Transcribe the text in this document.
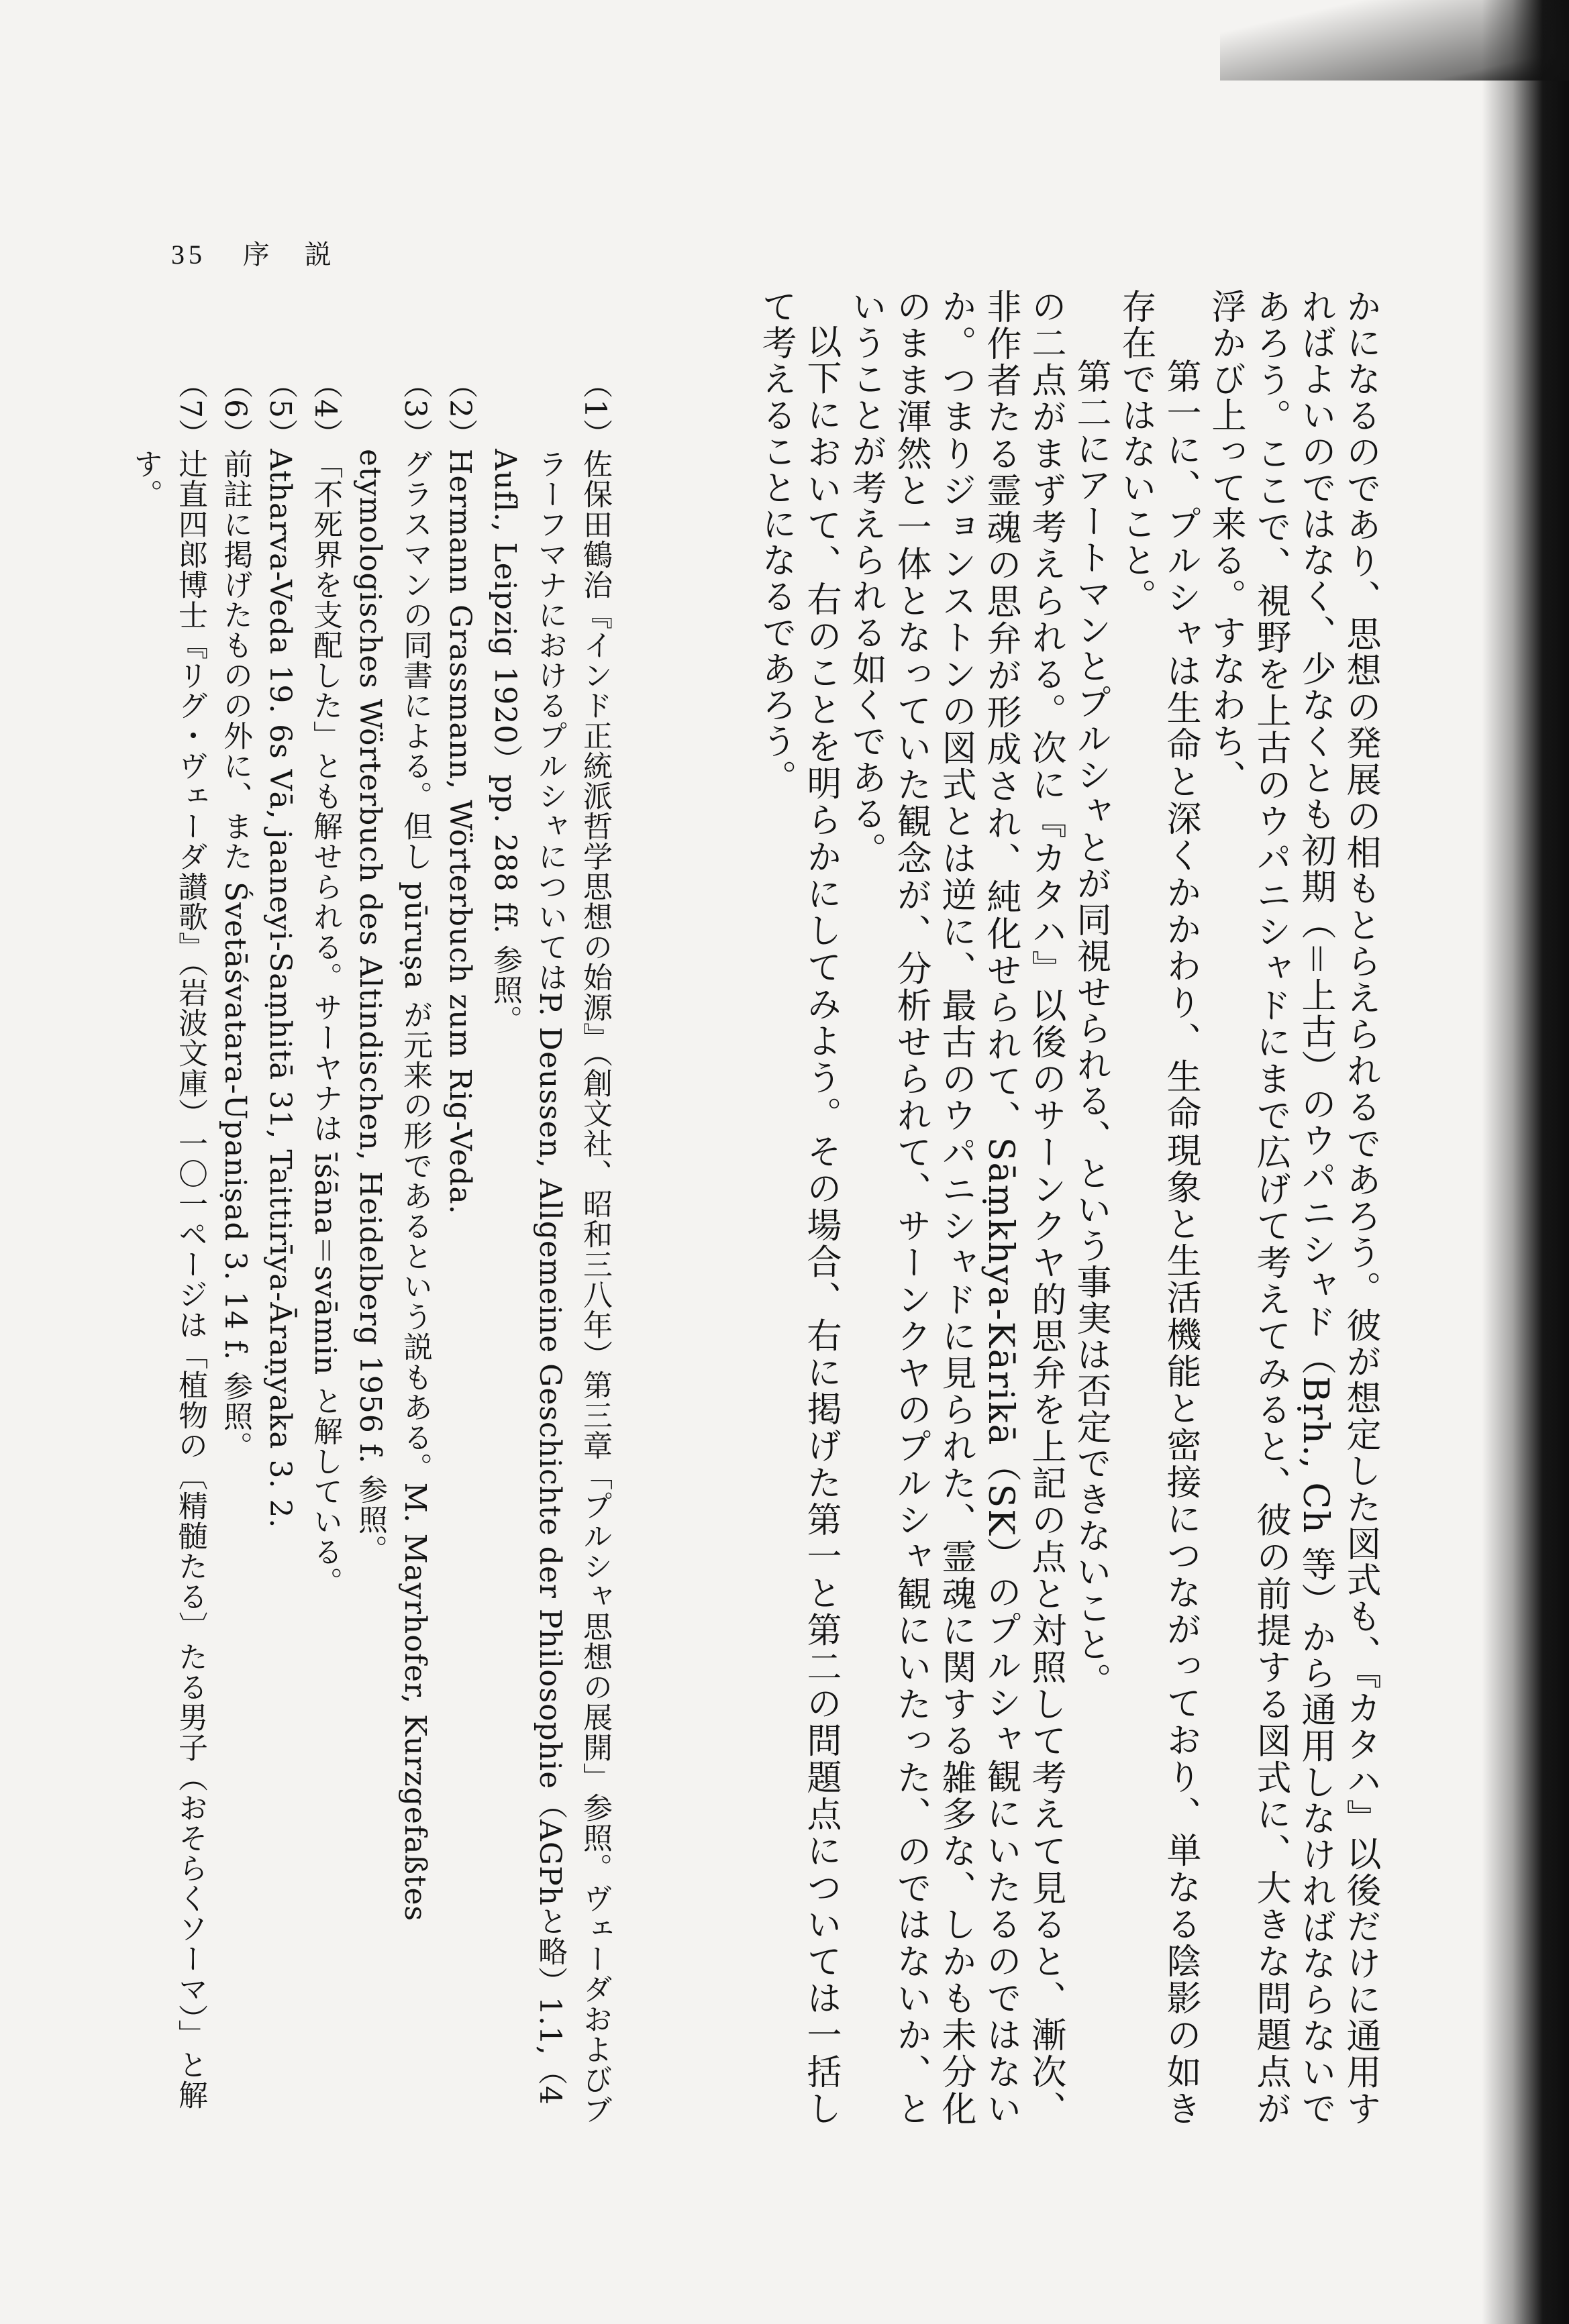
35 序　説

かになるのであり、思想の発展の相もとらえられるであろう。彼が想定した図式も、『カタハ』以後だけに通用すればよいのではなく、少なくとも初期（＝上古）のウパニシャド（Bṛh., Ch 等）から通用しなければならないであろう。ここで、視野を上古のウパニシャドにまで広げて考えてみると、彼の前提する図式に、大きな問題点が浮かび上って来る。すなわち、

第一に、プルシャは生命と深くかかわり、生命現象と生活機能と密接につながっており、単なる陰影の如き存在ではないこと。

第二にアートマンとプルシャとが同視せられる、という事実は否定できないこと。

の二点がまず考えられる。次に『カタハ』以後のサーンクヤ的思弁を上記の点と対照して考えて見ると、漸次、非作者たる霊魂の思弁が形成され、純化せられて、Sāṃkhya-Kārikā（SK）のプルシャ観にいたるのではないか。つまりジョンストンの図式とは逆に、最古のウパニシャドに見られた、霊魂に関する雑多な、しかも未分化のまま渾然と一体となっていた観念が、分析せられて、サーンクヤのプルシャ観にいたった、のではないか、ということが考えられる如くである。

以下において、右のことを明らかにしてみよう。その場合、右に掲げた第一と第二の問題点については一括して考えることになるであろう。

（1）
佐保田鶴治『インド正統派哲学思想の始源』（創文社、昭和三八年）第三章「プルシャ思想の展開」参照。ヴェーダおよびブラーフマナにおけるプルシャについてはP. Deussen, Allgemeine Geschichte der Philosophie（AGPhと略）1.1,（4 Aufl., Leipzig 1920）pp. 288 ff. 参照。

（2）
Hermann Grassmann, Wörterbuch zum Rig-Veda.

（3）
グラスマンの同書による。但し pūruṣa が元来の形であるという説もある。M. Mayrhofer, Kurzgefaßtes etymologisches Wörterbuch des Altindischen, Heidelberg 1956 f. 参照。

（4）
「不死界を支配した」とも解せられる。サーヤナは īśāna＝svāmin と解している。

（5）
Atharva-Veda 19. 6s Vā, jaaneyi-Saṃhitā 31, Taittirīya-Āraṇyaka 3. 2.

（6）
前註に掲げたものの外に、また Śvetāśvatara-Upaniṣad 3. 14 f. 参照。

（7）
辻直四郎博士『リグ・ヴェーダ讃歌』（岩波文庫）一〇一ページは「植物の〔精髄たる〕たる男子（おそらくソーマ）」と解す。
